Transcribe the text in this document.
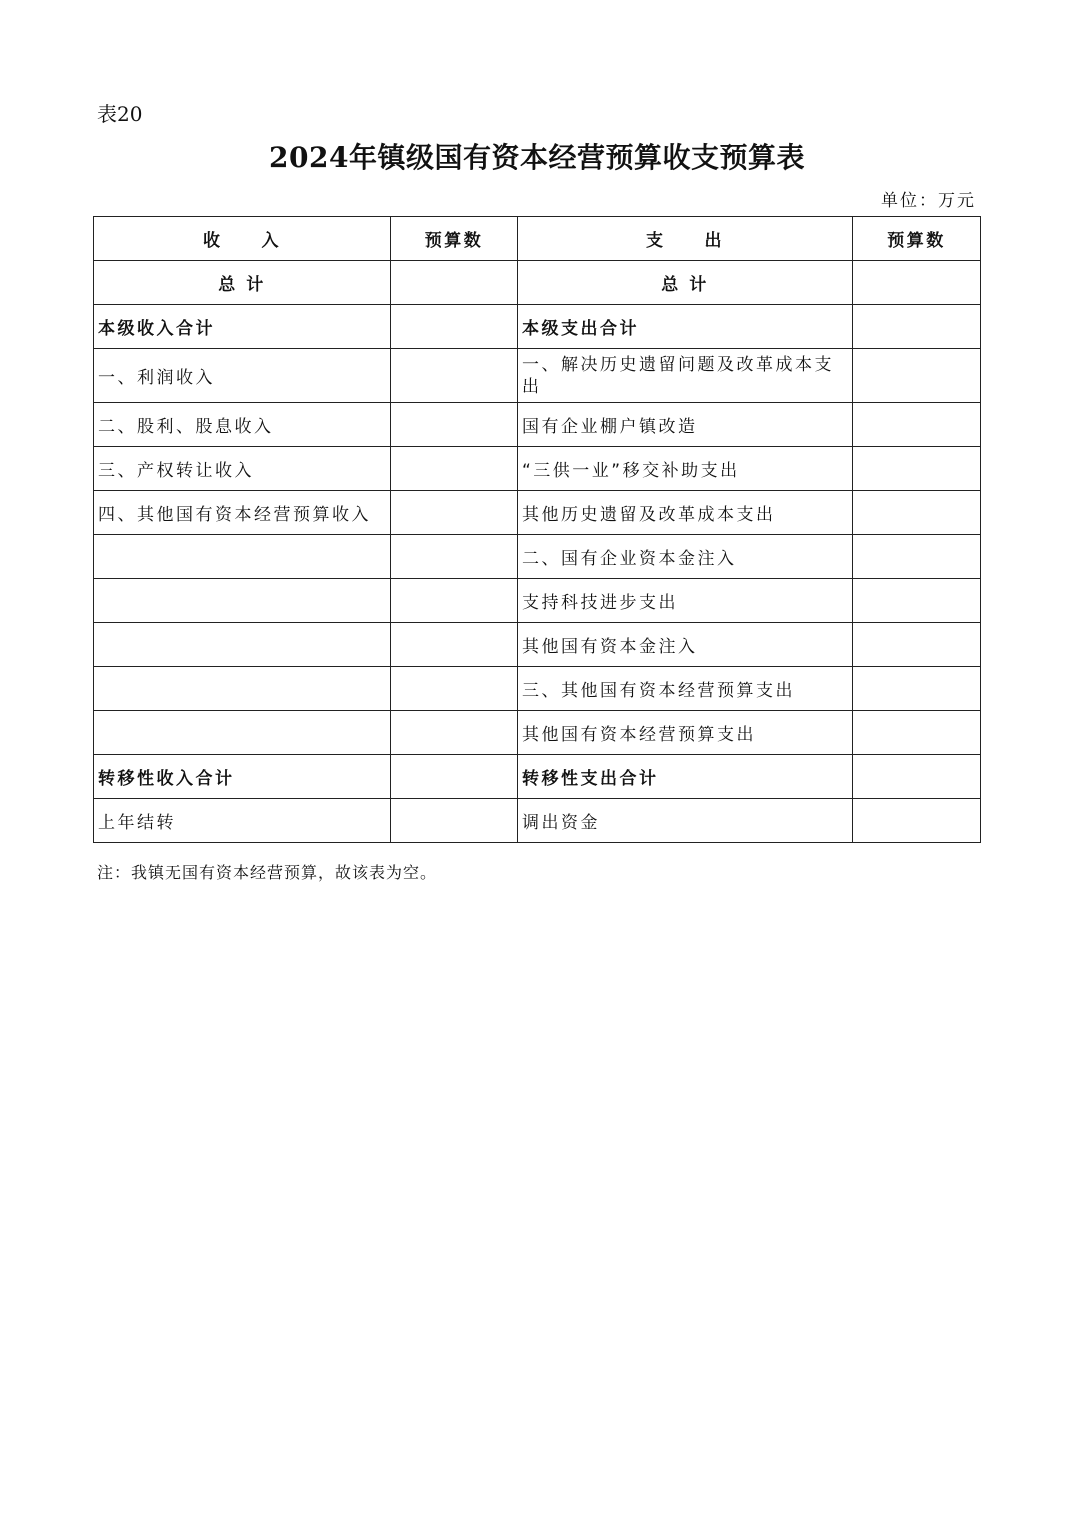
表20
2024年镇级国有资本经营预算收支预算表
单位：万元
收　　入	预算数	支　　出	预算数
总 计		总 计	
本级收入合计		本级支出合计	
一、利润收入		一、解决历史遗留问题及改革成本支出	
二、股利、股息收入		国有企业棚户镇改造	
三、产权转让收入		“三供一业”移交补助支出	
四、其他国有资本经营预算收入		其他历史遗留及改革成本支出	
		二、国有企业资本金注入	
		支持科技进步支出	
		其他国有资本金注入	
		三、其他国有资本经营预算支出	
		其他国有资本经营预算支出	
转移性收入合计		转移性支出合计	
上年结转		调出资金	
注：我镇无国有资本经营预算，故该表为空。
